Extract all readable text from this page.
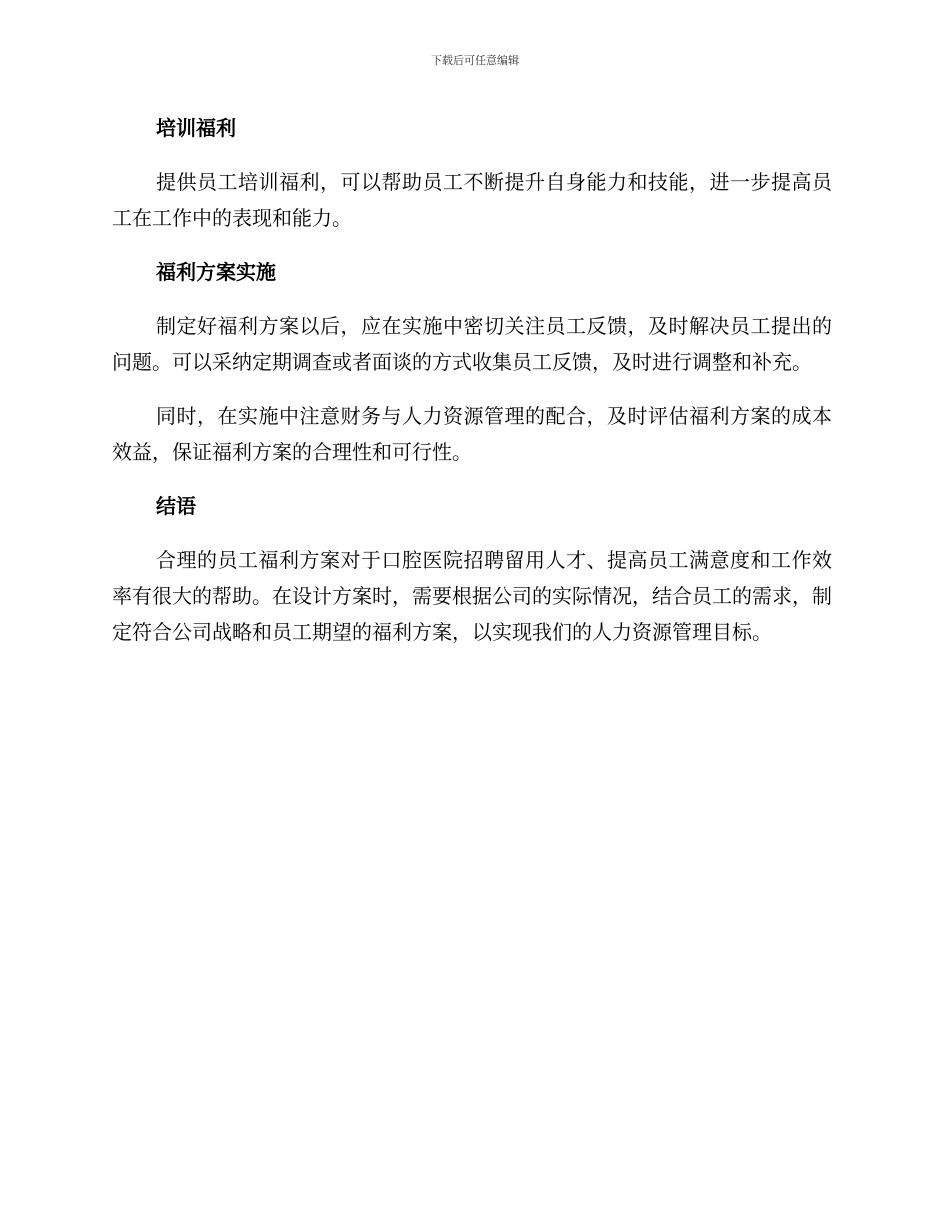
下载后可任意编辑
培训福利

提供员工培训福利，可以帮助员工不断提升自身能力和技能，进一步提高员工在工作中的表现和能力。

福利方案实施

制定好福利方案以后，应在实施中密切关注员工反馈，及时解决员工提出的问题。可以采纳定期调查或者面谈的方式收集员工反馈，及时进行调整和补充。

同时，在实施中注意财务与人力资源管理的配合，及时评估福利方案的成本效益，保证福利方案的合理性和可行性。

结语

合理的员工福利方案对于口腔医院招聘留用人才、提高员工满意度和工作效率有很大的帮助。在设计方案时，需要根据公司的实际情况，结合员工的需求，制定符合公司战略和员工期望的福利方案，以实现我们的人力资源管理目标。
